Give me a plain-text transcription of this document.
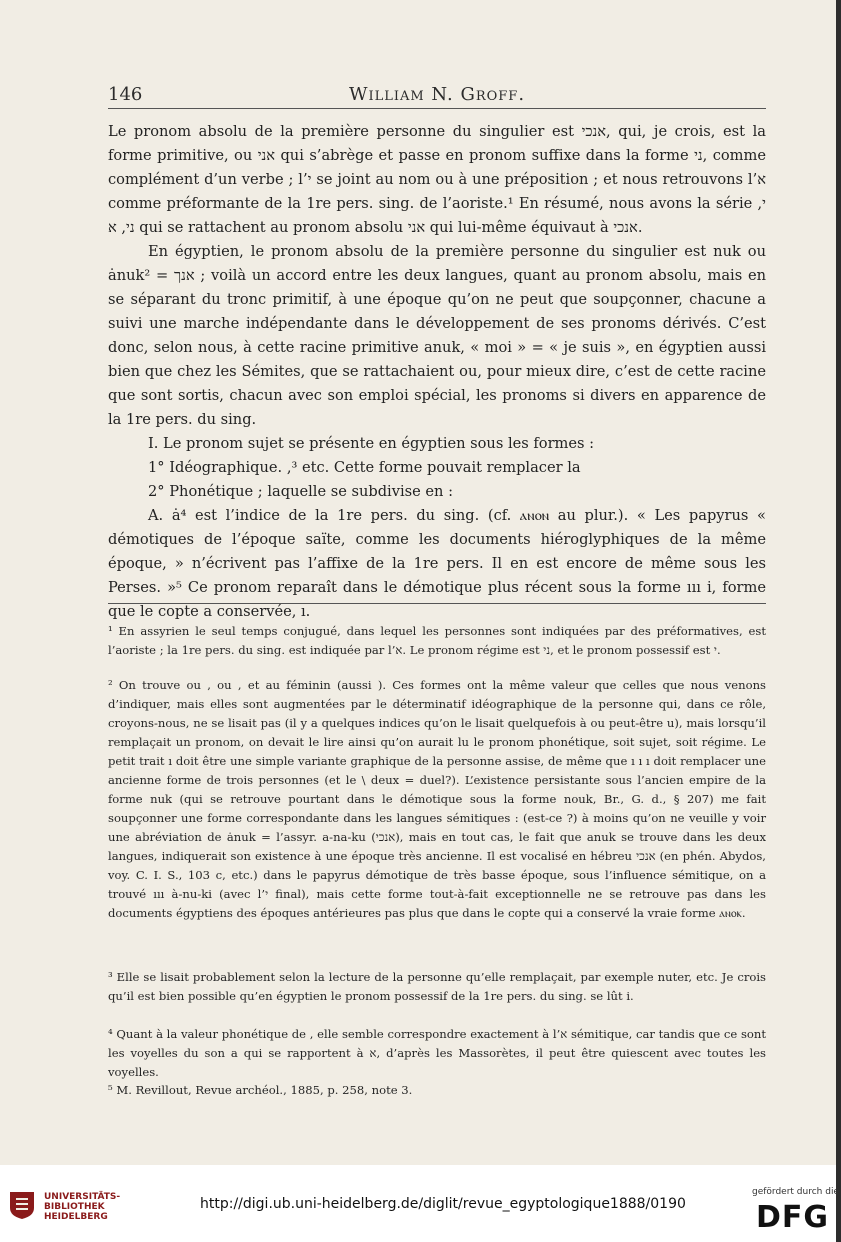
146	William N. Groff.

Le pronom absolu de la première personne du singulier est אנכי, qui, je crois, est la forme primitive, ou אני qui s’abrège et passe en pronom suffixe dans la forme ני, comme complément d’un verbe ; l’י se joint au nom ou à une préposition ; et nous retrouvons l’א comme préformante de la 1re pers. sing. de l’aoriste.¹ En résumé, nous avons la série י, ני, א qui se rattachent au pronom absolu אני qui lui-même équivaut à אנכי.

En égyptien, le pronom absolu de la première personne du singulier est nuk ou ȧnuk² = אנך ; voilà un accord entre les deux langues, quant au pronom absolu, mais en se séparant du tronc primitif, à une époque qu’on ne peut que soupçonner, chacune a suivi une marche indépendante dans le développement de ses pronoms dérivés. C’est donc, selon nous, à cette racine primitive anuk, « moi » = « je suis », en égyptien aussi bien que chez les Sémites, que se rattachaient ou, pour mieux dire, c’est de cette racine que sont sortis, chacun avec son emploi spécial, les pronoms si divers en apparence de la 1re pers. du sing.

I. Le pronom sujet se présente en égyptien sous les formes :

1° Idéographique. ,³ etc. Cette forme pouvait remplacer la

2° Phonétique ; laquelle se subdivise en :

A. ȧ⁴ est l’indice de la 1re pers. du sing. (cf. ⲁⲛⲟⲛ au plur.). « Les papyrus « démotiques de l’époque saïte, comme les documents hiéroglyphiques de la même époque, » n’écrivent pas l’affixe de la 1re pers. Il en est encore de même sous les Perses. »⁵ Ce pronom reparaît dans le démotique plus récent sous la forme ııı i, forme que le copte a conservée, ı.

¹ En assyrien le seul temps conjugué, dans lequel les personnes sont indiquées par des préformatives, est l’aoriste ; la 1re pers. du sing. est indiquée par l’א. Le pronom régime est ני, et le pronom possessif est י.

² On trouve ou , ou , et au féminin (aussi ). Ces formes ont la même valeur que celles que nous venons d’indiquer, mais elles sont augmentées par le déterminatif idéographique de la personne qui, dans ce rôle, croyons-nous, ne se lisait pas (il y a quelques indices qu’on le lisait quelquefois à ou peut-être u), mais lorsqu’il remplaçait un pronom, on devait le lire ainsi qu’on aurait lu le pronom phonétique, soit sujet, soit régime. Le petit trait ı doit être une simple variante graphique de la personne assise, de même que ı ı ı doit remplacer une ancienne forme de trois personnes (et le \ deux = duel?). L’existence persistante sous l’ancien empire de la forme nuk (qui se retrouve pourtant dans le démotique sous la forme nouk, Br., G. d., § 207) me fait soupçonner une forme correspondante dans les langues sémitiques : (est-ce ?) à moins qu’on ne veuille y voir une abréviation de ȧnuk = l’assyr. a-na-ku (אנכי), mais en tout cas, le fait que anuk se trouve dans les deux langues, indiquerait son existence à une époque très ancienne. Il est vocalisé en hébreu אנכי (en phén. Abydos, voy. C. I. S., 103 c, etc.) dans le papyrus démotique de très basse époque, sous l’influence sémitique, on a trouvé ııı à-nu-ki (avec l’י final), mais cette forme tout-à-fait exceptionnelle ne se retrouve pas dans les documents égyptiens des époques antérieures pas plus que dans le copte qui a conservé la vraie forme ⲁⲛⲟⲕ.

³ Elle se lisait probablement selon la lecture de la personne qu’elle remplaçait, par exemple nuter, etc. Je crois qu’il est bien possible qu’en égyptien le pronom possessif de la 1re pers. du sing. se lût i.

⁴ Quant à la valeur phonétique de , elle semble correspondre exactement à l’א sémitique, car tandis que ce sont les voyelles du son a qui se rapportent à א, d’après les Massorètes, il peut être quiescent avec toutes les voyelles.

⁵ M. Revillout, Revue archéol., 1885, p. 258, note 3.

UNIVERSITÄTS-
BIBLIOTHEK
HEIDELBERG
http://digi.ub.uni-heidelberg.de/diglit/revue_egyptologique1888/0190
gefördert durch die
DFG
